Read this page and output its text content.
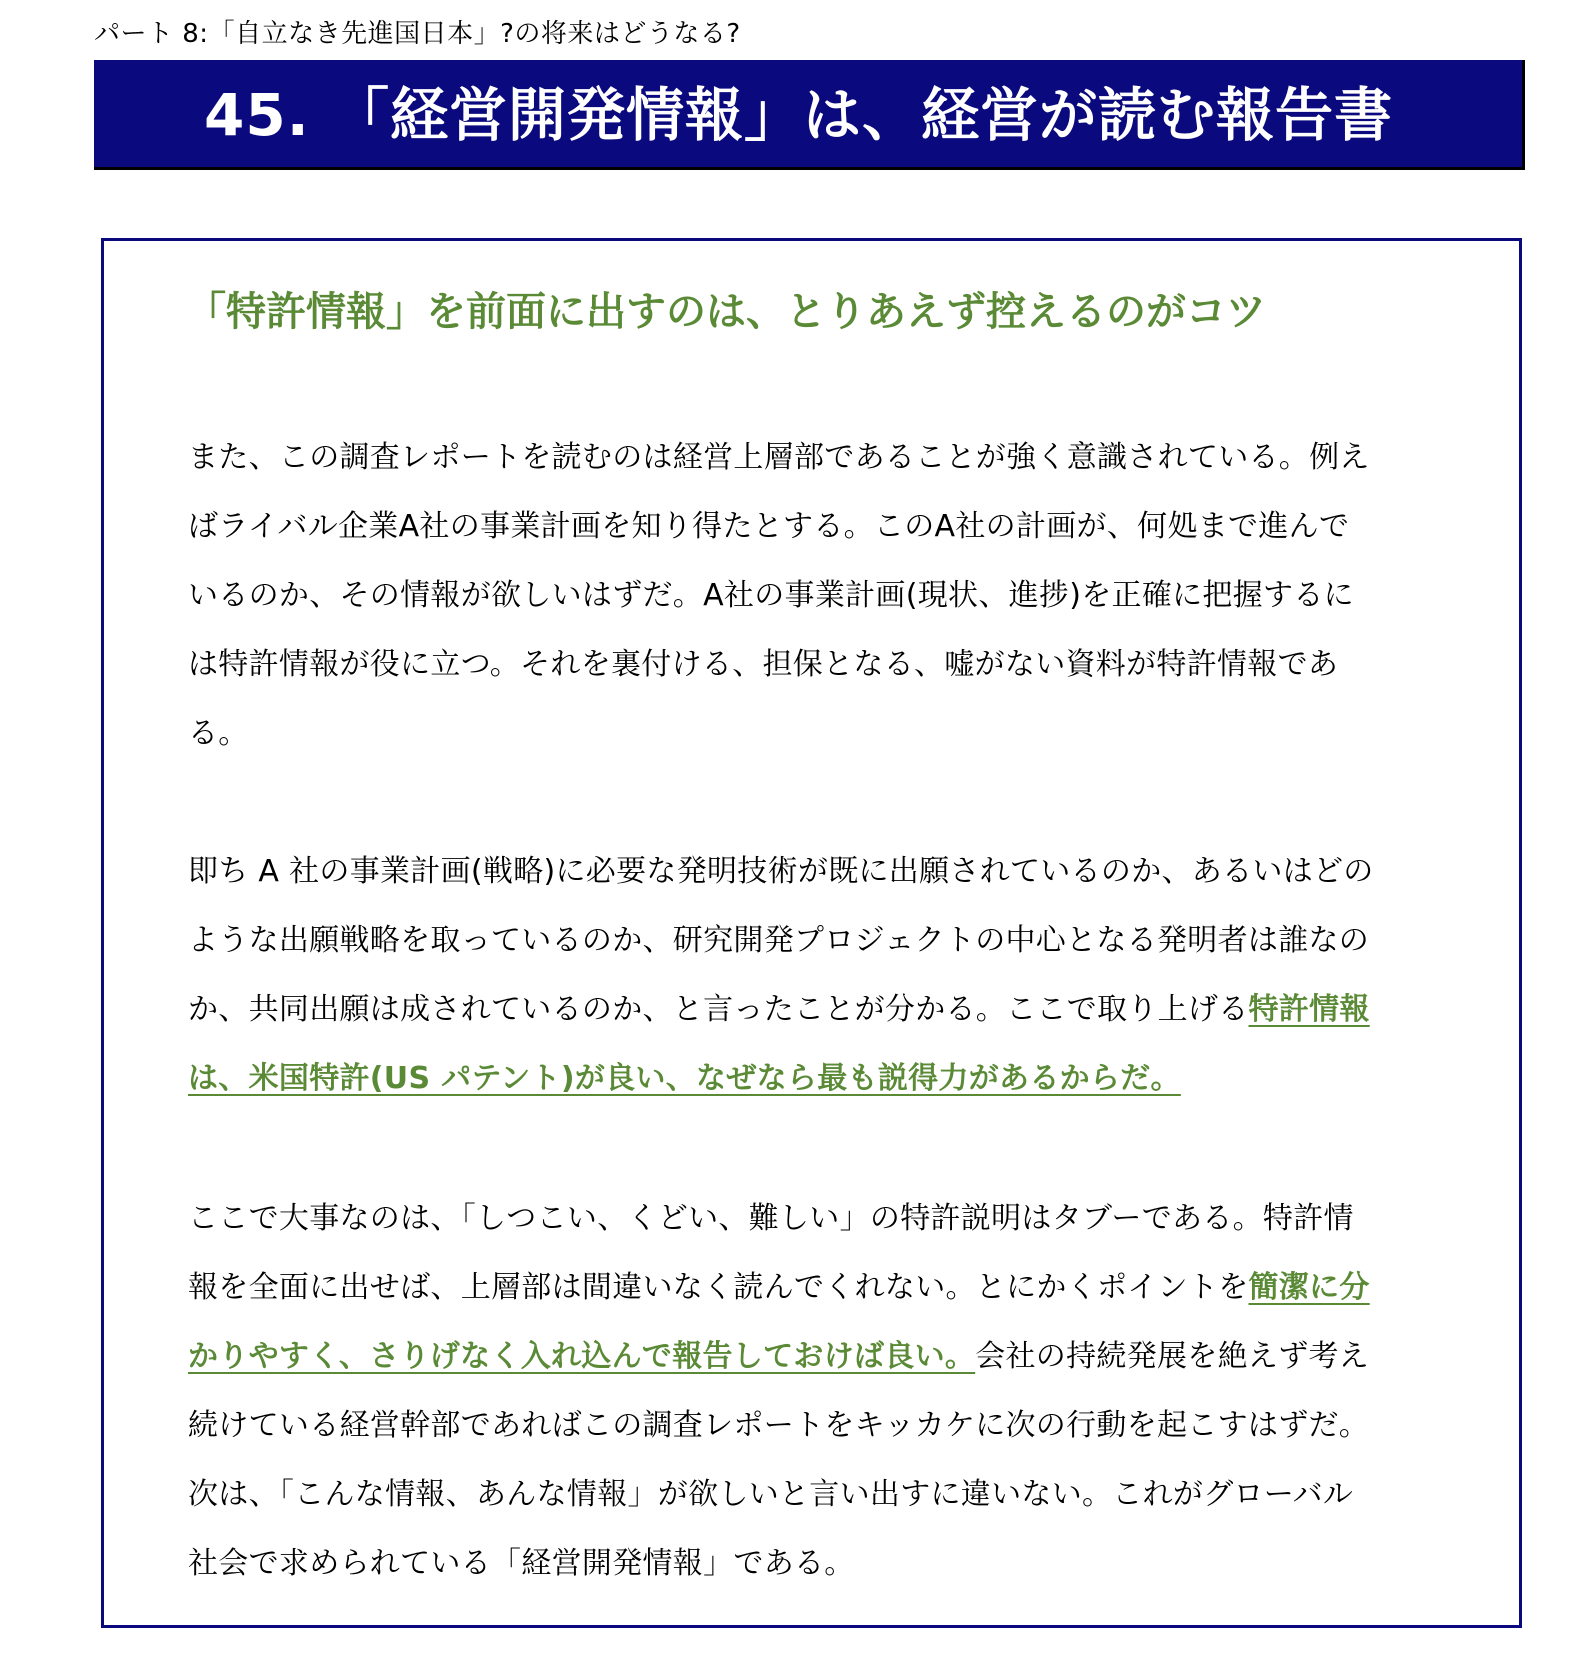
パート 8:「自立なき先進国日本」?の将来はどうなる?
45. 「経営開発情報」は、経営が読む報告書
「特許情報」を前面に出すのは、とりあえず控えるのがコツ
また、この調査レポートを読むのは経営上層部であることが強く意識されている。例えばライバル企業A社の事業計画を知り得たとする。このA社の計画が、何処まで進んでいるのか、その情報が欲しいはずだ。A社の事業計画(現状、進捗)を正確に把握するには特許情報が役に立つ。それを裏付ける、担保となる、嘘がない資料が特許情報である。
即ち A 社の事業計画(戦略)に必要な発明技術が既に出願されているのか、あるいはどのような出願戦略を取っているのか、研究開発プロジェクトの中心となる発明者は誰なのか、共同出願は成されているのか、と言ったことが分かる。ここで取り上げる特許情報は、米国特許(US パテント)が良い、なぜなら最も説得力があるからだ。
ここで大事なのは、「しつこい、くどい、難しい」の特許説明はタブーである。特許情報を全面に出せば、上層部は間違いなく読んでくれない。とにかくポイントを簡潔に分かりやすく、さりげなく入れ込んで報告しておけば良い。会社の持続発展を絶えず考え続けている経営幹部であればこの調査レポートをキッカケに次の行動を起こすはずだ。次は、「こんな情報、あんな情報」が欲しいと言い出すに違いない。これがグローバル社会で求められている「経営開発情報」である。
